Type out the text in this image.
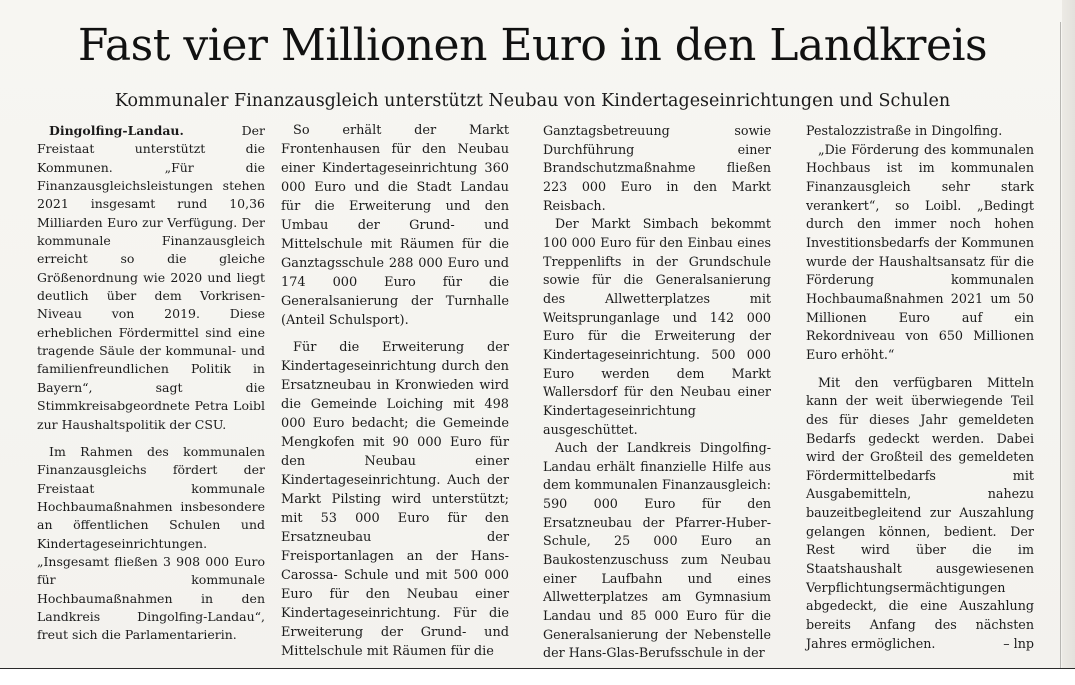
Fast vier Millionen Euro in den Landkreis
Kommunaler Finanzausgleich unterstützt Neubau von Kindertageseinrichtungen und Schulen

Dingolfing-Landau.	Der Freistaat unterstützt die Kommunen. „Für die Finanzausgleichsleistungen stehen 2021 insgesamt rund 10,36 Milliarden Euro zur Verfügung. Der kommunale Finanzausgleich erreicht so die gleiche Größenordnung wie 2020 und liegt deutlich über dem Vorkrisen-Niveau von 2019. Diese erheblichen Fördermittel sind eine tragende Säule der kommunal- und familienfreundlichen Politik in Bayern“, sagt die Stimmkreisabgeordnete Petra Loibl zur Haushaltspolitik der CSU.

Im Rahmen des kommunalen Finanzausgleichs fördert der Freistaat kommunale Hochbaumaßnahmen insbesondere an öffentlichen Schulen und Kindertageseinrichtungen. „Insgesamt fließen 3 908 000 Euro für kommunale Hochbaumaßnahmen in den Landkreis Dingolfing-Landau“, freut sich die Parlamentarierin.

So erhält der Markt Frontenhausen für den Neubau einer Kindertageseinrichtung 360 000 Euro und die Stadt Landau für die Erweiterung und den Umbau der Grund- und Mittelschule mit Räumen für die Ganztagsschule 288 000 Euro und 174 000 Euro für die Generalsanierung der Turnhalle (Anteil Schulsport).

Für die Erweiterung der Kindertageseinrichtung durch den Ersatzneubau in Kronwieden wird die Gemeinde Loiching mit 498 000 Euro bedacht; die Gemeinde Mengkofen mit 90 000 Euro für den Neubau einer Kindertageseinrichtung. Auch der Markt Pilsting wird unterstützt; mit 53 000 Euro für den Ersatzneubau der Freisportanlagen an der Hans-Carossa- Schule und mit 500 000 Euro für den Neubau einer Kindertageseinrichtung. Für die Erweiterung der Grund- und Mittelschule mit Räumen für die

Ganztagsbetreuung sowie Durchführung einer Brandschutzmaßnahme fließen 223 000 Euro in den Markt Reisbach.

Der Markt Simbach bekommt 100 000 Euro für den Einbau eines Treppenlifts in der Grundschule sowie für die Generalsanierung des Allwetterplatzes mit Weitsprunganlage und 142 000 Euro für die Erweiterung der Kindertageseinrichtung. 500 000 Euro werden dem Markt Wallersdorf für den Neubau einer Kindertageseinrichtung ausgeschüttet.

Auch der Landkreis Dingolfing-Landau erhält finanzielle Hilfe aus dem kommunalen Finanzausgleich: 590 000 Euro für den Ersatzneubau der Pfarrer-Huber-Schule, 25 000 Euro an Baukostenzuschuss zum Neubau einer Laufbahn und eines Allwetterplatzes am Gymnasium Landau und 85 000 Euro für die Generalsanierung der Nebenstelle der Hans-Glas-Berufsschule in der

Pestalozzistraße in Dingolfing.

„Die Förderung des kommunalen Hochbaus ist im kommunalen Finanzausgleich sehr stark verankert“, so Loibl. „Bedingt durch den immer noch hohen Investitionsbedarfs der Kommunen wurde der Haushaltsansatz für die Förderung kommunalen Hochbaumaßnahmen 2021 um 50 Millionen Euro auf ein Rekordniveau von 650 Millionen Euro erhöht.“

Mit den verfügbaren Mitteln kann der weit überwiegende Teil des für dieses Jahr gemeldeten Bedarfs gedeckt werden. Dabei wird der Großteil des gemeldeten Fördermittelbedarfs mit Ausgabemitteln, nahezu bauzeitbegleitend zur Auszahlung gelangen können, bedient. Der Rest wird über die im Staatshaushalt ausgewiesenen Verpflichtungsermächtigungen abgedeckt, die eine Auszahlung bereits Anfang des nächsten Jahres ermöglichen.	– lnp
